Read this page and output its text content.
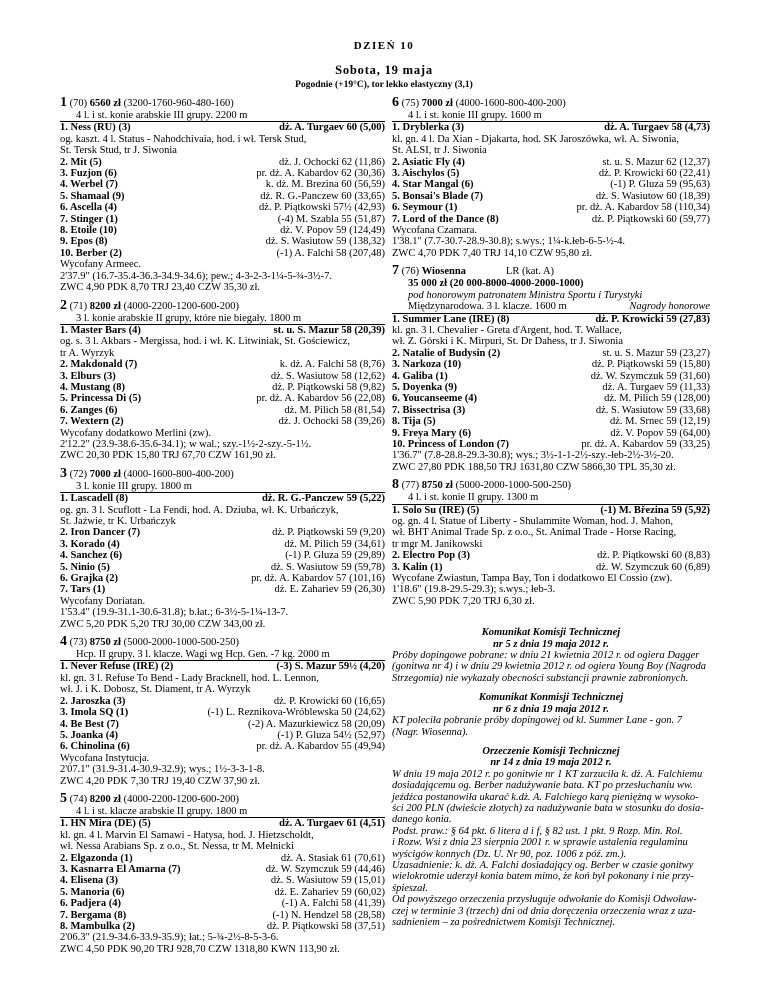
DZIEŃ 10
Sobota, 19 maja
Pogodnie (+19°C), tor lekko elastyczny (3,1)
1 (70) 6560 zł (3200-1760-960-480-160)
4 l. i st. konie arabskie III grupy. 2200 m
1. Ness (RU) (3)	dż. A. Turgaev 60 (5,00)
og. kaszt. 4 l. Status - Nahodchivaia, hod. i wł. Tersk Stud,
St. Tersk Stud, tr J. Siwonia
2. Mit (5)	dż. J. Ochocki 62 (11,86)
3. Fuzjon (6)	pr. dż. A. Kabardov 62 (30,36)
4. Werbel (7)	k. dż. M. Brezina 60 (56,59)
5. Shamaal (9)	dż. R. G.-Panczew 60 (33,65)
6. Ascella (4)	dż. P. Piątkowski 57½ (42,93)
7. Stinger (1)	(-4) M. Szabla 55 (51,87)
8. Etoile (10)	dż. V. Popov 59 (124,49)
9. Epos (8)	dż. S. Wasiutow 59 (138,32)
10. Berber (2)	(-1) A. Falchi 58 (207,48)
Wycofany Armeec.
2'37.9" (16.7-35.4-36.3-34.9-34.6); pew.; 4-3-2-3-1¼-5-¾-3½-7.
ZWC 4,90 PDK 8,70 TRJ 23,40 CZW 35,30 zł.
2 (71) 8200 zł (4000-2200-1200-600-200)
3 l. konie arabskie II grupy, które nie biegały. 1800 m
1. Master Bars (4)	st. u. S. Mazur 58 (20,39)
og. s. 3 l. Akbars - Mergissa, hod. i wł. K. Litwiniak, St. Gościewicz,
tr A. Wyrzyk
2. Makdonald (7)	k. dż. A. Falchi 58 (8,76)
3. Elburs (3)	dż. S. Wasiutow 58 (12,62)
4. Mustang (8)	dż. P. Piątkowski 58 (9,82)
5. Princessa Di (5)	pr. dż. A. Kabardov 56 (22,08)
6. Zanges (6)	dż. M. Pilich 58 (81,54)
7. Wextern (2)	dż. J. Ochocki 58 (39,26)
Wycofany dodatkowo Merlini (zw).
2'12.2" (23.9-38.6-35.6-34.1); w wal.; szy.-1½-2-szy.-5-1½.
ZWC 20,30 PDK 15,80 TRJ 67,70 CZW 161,90 zł.
3 (72) 7000 zł (4000-1600-800-400-200)
3 l. konie III grupy. 1800 m
1. Lascadell (8)	dż. R. G.-Panczew 59 (5,22)
og. gn. 3 l. Scuflott - La Fendi, hod. A. Dziuba, wł. K. Urbańczyk,
St. Jaźwie, tr K. Urbańczyk
2. Iron Dancer (7)	dż. P. Piątkowski 59 (9,20)
3. Korado (4)	dż. M. Pilich 59 (34,61)
4. Sanchez (6)	(-1) P. Gluza 59 (29,89)
5. Ninio (5)	dż. S. Wasiutow 59 (59,78)
6. Grajka (2)	pr. dż. A. Kabardov 57 (101,16)
7. Tars (1)	dż. E. Zahariev 59 (26,30)
Wycofany Doriatan.
1'53.4" (19.9-31.1-30.6-31.8); b.łat.; 6-3½-5-1¼-13-7.
ZWC 5,20 PDK 5,20 TRJ 30,00 CZW 343,00 zł.
4 (73) 8750 zł (5000-2000-1000-500-250)
Hcp. II grupy. 3 l. klacze. Wagi wg Hcp. Gen. -7 kg. 2000 m
1. Never Refuse (IRE) (2)	(-3) S. Mazur 59½ (4,20)
kl. gn. 3 l. Refuse To Bend - Lady Bracknell, hod. L. Lennon,
wł. J. i K. Dobosz, St. Diament, tr A. Wyrzyk
2. Jaroszka (3)	dż. P. Krowicki 60 (16,65)
3. Imola SQ (1)	(-1) L. Reznikova-Wróblewska 50 (24,62)
4. Be Best (7)	(-2) A. Mazurkiewicz 58 (20,09)
5. Joanka (4)	(-1) P. Gluza 54½ (52,97)
6. Chinolina (6)	pr. dż. A. Kabardov 55 (49,94)
Wycofana Instytucja.
2'07.1" (31.9-31.4-30.9-32.9); wys.; 1½-3-3-1-8.
ZWC 4,20 PDK 7,30 TRJ 19,40 CZW 37,90 zł.
5 (74) 8200 zł (4000-2200-1200-600-200)
4 l. i st. klacze arabskie II grupy. 1800 m
1. HN Mira (DE) (5)	dż. A. Turgaev 61 (4,51)
kl. gn. 4 l. Marvin El Samawi - Hatysa, hod. J. Hietzscholdt,
wł. Nessa Arabians Sp. z o.o., St. Nessa, tr M. Mełnicki
2. Elgazonda (1)	dż. A. Stasiak 61 (70,61)
3. Kasnarra El Amarna (7)	dż. W. Szymczuk 59 (44,46)
4. Elisena (3)	dż. S. Wasiutow 59 (15,01)
5. Manoria (6)	dż. E. Zahariev 59 (60,02)
6. Padjera (4)	(-1) A. Falchi 58 (41,39)
7. Bergama (8)	(-1) N. Hendzel 58 (28,58)
8. Mambulka (2)	dż. P. Piątkowski 58 (37,51)
2'06.3" (21.9-34.6-33.9-35.9); łat.; 5-¾-2½-8-5-3-6.
ZWC 4,50 PDK 90,20 TRJ 928,70 CZW 1318,80 KWN 113,90 zł.
6 (75) 7000 zł (4000-1600-800-400-200)
4 l. i st. konie III grupy. 1600 m
1. Dryblerka (3)	dż. A. Turgaev 58 (4,73)
kl. gn. 4 l. Da Xian - Djakarta, hod. SK Jaroszówka, wł. A. Siwonia,
St. ALSI, tr J. Siwonia
2. Asiatic Fly (4)	st. u. S. Mazur 62 (12,37)
3. Aischylos (5)	dż. P. Krowicki 60 (22,41)
4. Star Mangal (6)	(-1) P. Gluza 59 (95,63)
5. Bonsai's Blade (7)	dż. S. Wasiutow 60 (18,39)
6. Seymour (1)	pr. dż. A. Kabardov 58 (110,34)
7. Lord of the Dance (8)	dż. P. Piątkowski 60 (59,77)
Wycofana Czamara.
1'38.1" (7.7-30.7-28.9-30.8); s.wys.; 1¼-k.łeb-6-5-½-4.
ZWC 4,70 PDK 7,40 TRJ 14,10 CZW 95,80 zł.
7 (76) Wiosenna	LR (kat. A)
35 000 zł (20 000-8000-4000-2000-1000)
pod honorowym patronatem Ministra Sportu i Turystyki
Międzynarodowa. 3 l. klacze. 1600 m	Nagrody honorowe
1. Summer Lane (IRE) (8)	dż. P. Krowicki 59 (27,83)
kl. gn. 3 l. Chevalier - Greta d'Argent, hod. T. Wallace,
wł. Z. Górski i K. Mirpuri, St. Dr Dahess, tr J. Siwonia
2. Natalie of Budysin (2)	st. u. S. Mazur 59 (23,27)
3. Narkoza (10)	dż. P. Piątkowski 59 (15,80)
4. Galiba (1)	dż. W. Szymczuk 59 (31,60)
5. Doyenka (9)	dż. A. Turgaev 59 (11,33)
6. Youcanseeme (4)	dż. M. Pilich 59 (128,00)
7. Bissectrisa (3)	dż. S. Wasiutow 59 (33,68)
8. Tija (5)	dż. M. Srnec 59 (12,19)
9. Freya Mary (6)	dż. V. Popov 59 (64,00)
10. Princess of London (7)	pr. dż. A. Kabardov 59 (33,25)
1'36.7" (7.8-28.8-29.3-30.8); wys.; 3½-1-1-2½-szy.-łeb-2½-3½-20.
ZWC 27,80 PDK 188,50 TRJ 1631,80 CZW 5866,30 TPL 35,30 zł.
8 (77) 8750 zł (5000-2000-1000-500-250)
4 l. i st. konie II grupy. 1300 m
1. Solo Su (IRE) (5)	(-1) M. Březina 59 (5,92)
og. gn. 4 l. Statue of Liberty - Shulammite Woman, hod. J. Mahon,
wł. BHT Animal Trade Sp. z o.o., St. Animal Trade - Horse Racing,
tr mgr M. Janikowski
2. Electro Pop (3)	dż. P. Piątkowski 60 (8,83)
3. Kalin (1)	dż. W. Szymczuk 60 (6,89)
Wycofane Zwiastun, Tampa Bay, Ton i dodatkowo El Cossio (zw).
1'18.6" (19.8-29.5-29.3); s.wys.; łeb-3.
ZWC 5,90 PDK 7,20 TRJ 6,30 zł.
Komunikat Komisji Technicznej
nr 5 z dnia 19 maja 2012 r.
Próby dopingowe pobrane: w dniu 21 kwietnia 2012 r. od ogiera Dagger
(gonitwa nr 4) i w dniu 29 kwietnia 2012 r. od ogiera Young Boy (Nagroda
Strzegomia) nie wykazały obecności substancji prawnie zabronionych.
Komunikat Konmisji Technicznej
nr 6 z dnia 19 maja 2012 r.
KT poleciła pobranie próby dopingowej od kl. Summer Lane - gon. 7
(Nagr. Wiosenna).
Orzeczenie Komisji Technicznej
nr 14 z dnia 19 maja 2012 r.
W dniu 19 maja 2012 r. po gonitwie nr 1 KT zarzuciła k. dż. A. Falchiemu
dosiadającemu og. Berber nadużywanie bata. KT po przesłuchaniu ww.
jeźdźca postanowiła ukarać k.dż. A. Falchiego karą pieniężną w wysoko-
ści 200 PLN (dwieście złotych) za nadużywanie bata w stosunku do dosia-
danego konia.
Podst. praw.: § 64 pkt. 6 litera d i f, § 82 ust. 1 pkt. 9 Rozp. Min. Rol.
i Rozw. Wsi z dnia 23 sierpnia 2001 r. w sprawie ustalenia regulaminu
wyścigów konnych (Dz. U. Nr 90, poz. 1006 z póź. zm.).
Uzasadnienie: k. dż. A. Falchi dosiadający og. Berber w czasie gonitwy
wielokrotnie uderzył konia batem mimo, że koń był pokonany i nie przy-
śpieszał.
Od powyższego orzeczenia przysługuje odwołanie do Komisji Odwoław-
czej w terminie 3 (trzech) dni od dnia doręczenia orzeczenia wraz z uza-
sadnieniem – za pośrednictwem Komisji Technicznej.
